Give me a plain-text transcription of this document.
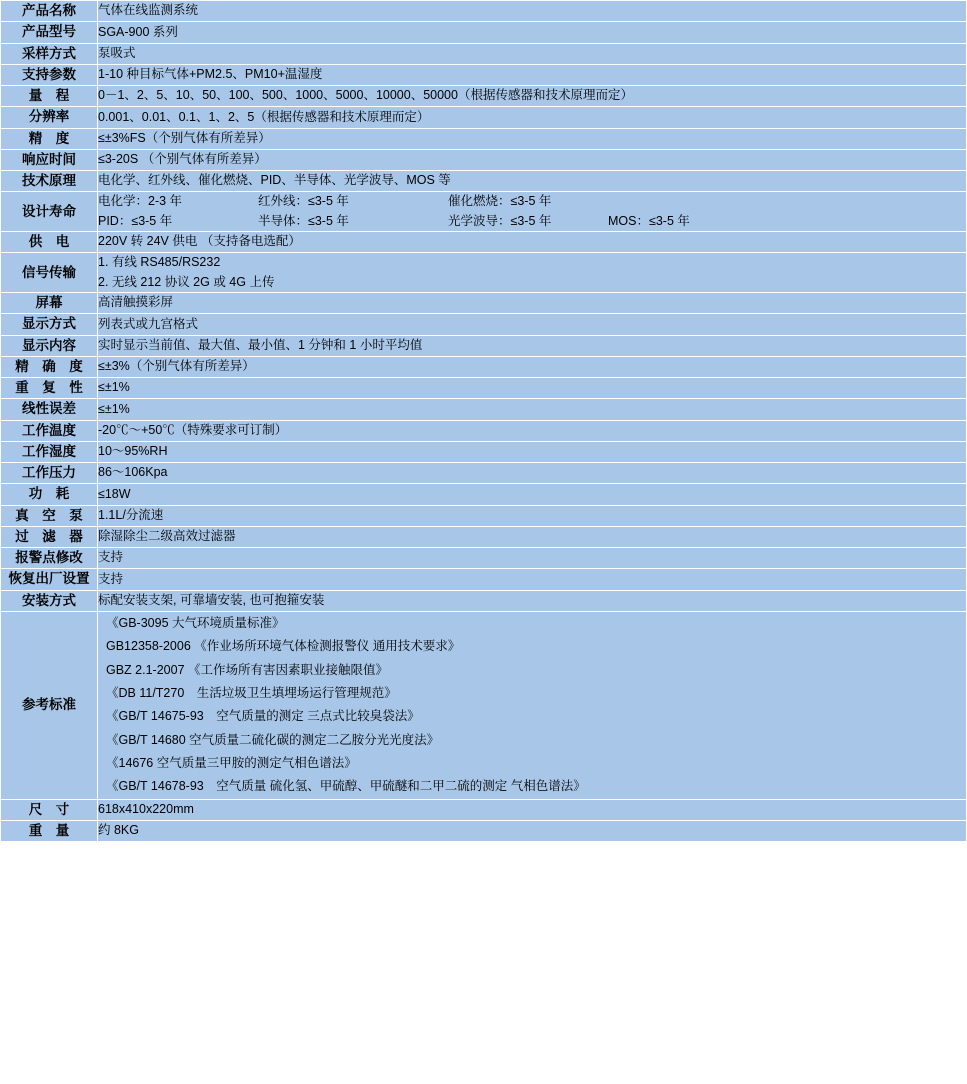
产品名称	气体在线监测系统

产品型号	SGA-900 系列

采样方式	泵吸式

支持参数	1-10 种目标气体+PM2.5、PM10+温湿度

量　程	0－1、2、5、10、50、100、500、1000、5000、10000、50000（根据传感器和技术原理而定）

分辨率	0.001、0.01、0.1、1、2、5（根据传感器和技术原理而定）

精　度	≤±3%FS（个别气体有所差异）

响应时间	≤3-20S （个别气体有所差异）

技术原理	电化学、红外线、催化燃烧、PID、半导体、光学波导、MOS 等

设计寿命	电化学：2-3 年 红外线：≤3-5 年 催化燃烧：≤3-5 年
PID：≤3-5 年 半导体：≤3-5 年 光学波导：≤3-5 年 MOS：≤3-5 年

供　电	220V 转 24V 供电 （支持备电选配）

信号传输	1. 有线 RS485/RS232
2. 无线 212 协议 2G 或 4G 上传

屏幕	高清触摸彩屏

显示方式	列表式或九宫格式

显示内容	实时显示当前值、最大值、最小值、1 分钟和 1 小时平均值

精　确　度	≤±3%（个别气体有所差异）

重　复　性	≤±1%

线性误差	≤±1%

工作温度	-20℃～+50℃（特殊要求可订制）

工作湿度	10～95%RH

工作压力	86～106Kpa

功　耗	≤18W

真　空　泵	1.1L/分流速

过　滤　器	除湿除尘二级高效过滤器

报警点修改	支持

恢复出厂设置	支持

安装方式	标配安装支架, 可靠墙安装, 也可抱箍安装

参考标准	
《GB-3095 大气环境质量标准》
GB12358-2006 《作业场所环境气体检测报警仪 通用技术要求》
GBZ 2.1-2007 《工作场所有害因素职业接触限值》
《DB 11/T270　生活垃圾卫生填埋场运行管理规范》
《GB/T 14675-93　空气质量的测定 三点式比较臭袋法》
《GB/T 14680 空气质量二硫化碳的测定二乙胺分光光度法》
《14676 空气质量三甲胺的测定气相色谱法》
《GB/T 14678-93　空气质量 硫化氢、甲硫醇、甲硫醚和二甲二硫的测定 气相色谱法》

尺　寸	618x410x220mm

重　量	约 8KG
